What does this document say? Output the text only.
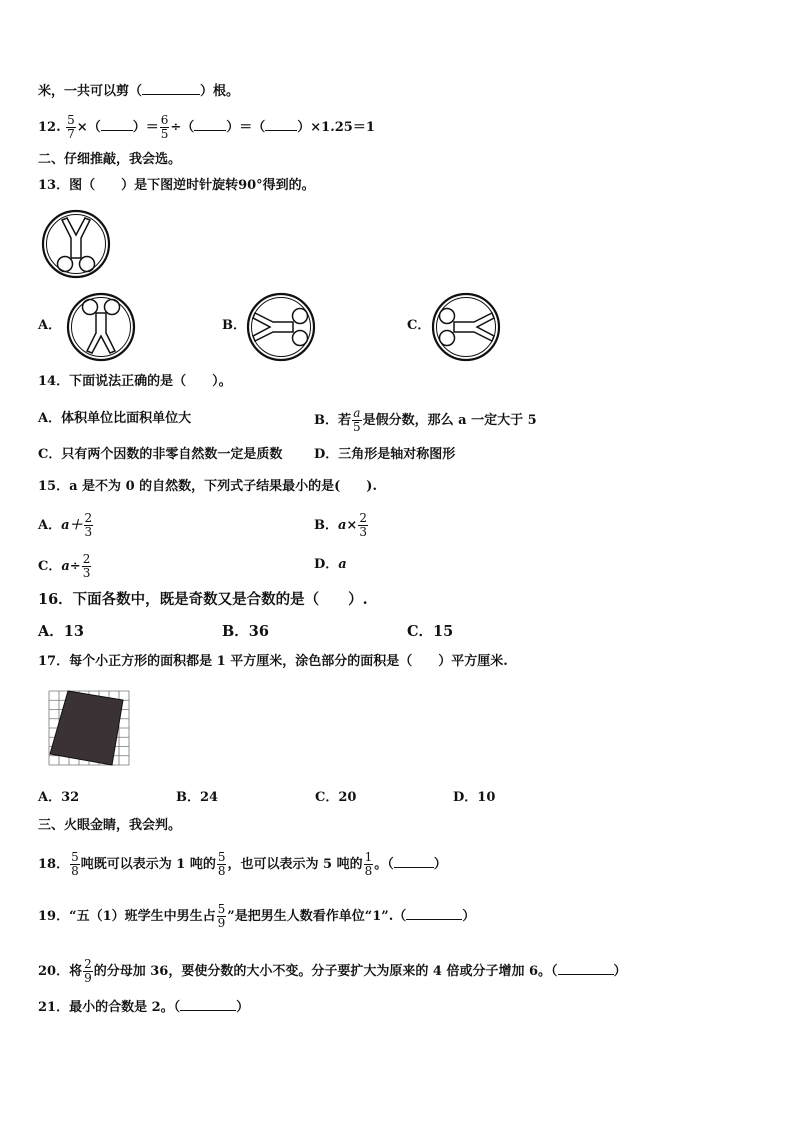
米，一共可以剪（	）根。
12. $\frac{5}{7}$ ×（ ）＝ $\frac{6}{5}$ ÷（ ）＝（ ）×1.25＝1
二、仔细推敲，我会选。
13．图（　　）是下图逆时针旋转90°得到的。
A．	B．	C．
14．下面说法正确的是（　　）。
A．体积单位比面积单位大	B．若 $\frac{a}{5}$ 是假分数，那么 a 一定大于 5
C．只有两个因数的非零自然数一定是质数 D．三角形是轴对称图形
15．a 是不为 0 的自然数，下列式子结果最小的是(　　).
A．$a+ \frac{2}{3}$	B．$a\times \frac{2}{3}$
C．$a\div \frac{2}{3}$	D．a
16．下面各数中，既是奇数又是合数的是（　　）.
A．13	B．36	C．15
17．每个小正方形的面积都是 1 平方厘米，涂色部分的面积是（　　）平方厘米.
A．32	B．24	C．20	D．10
三、火眼金睛，我会判。
18． $\frac{5}{8}$ 吨既可以表示为 1 吨的 $\frac{5}{8}$ ，也可以表示为 5 吨的 $\frac{1}{8}$ 。（	）
19．“五（1）班学生中男生占 $\frac{5}{9}$ ”是把男生人数看作单位“1”.（	）
20．将 $\frac{2}{9}$ 的分母加 36，要使分数的大小不变。分子要扩大为原来的 4 倍或分子增加 6。（	）
21．最小的合数是 2。（	）
